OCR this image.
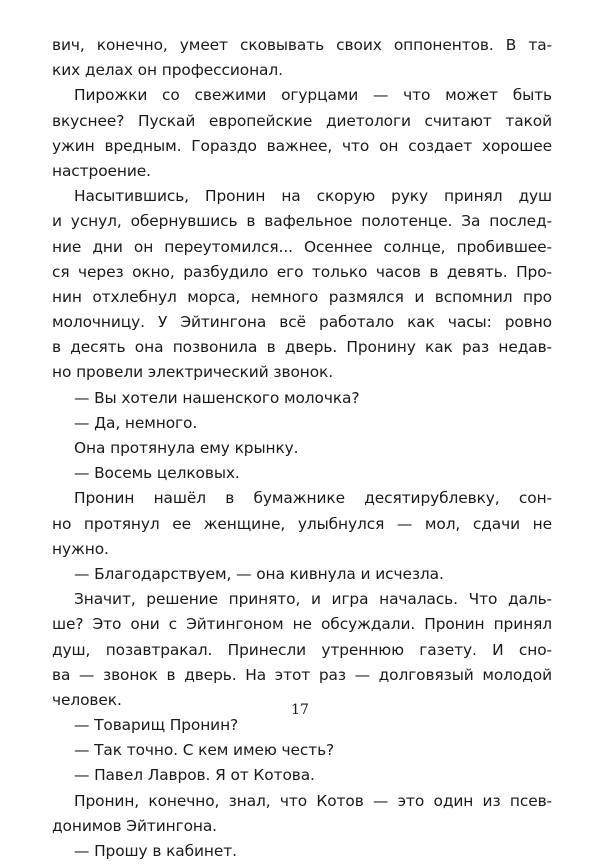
вич, конечно, умеет сковывать своих оппонентов. В та-
ких делах он профессионал.
Пирожки со свежими огурцами — что может быть
вкуснее? Пускай европейские диетологи считают такой
ужин вредным. Гораздо важнее, что он создает хорошее
настроение.
Насытившись, Пронин на скорую руку принял душ
и уснул, обернувшись в вафельное полотенце. За послед-
ние дни он переутомился... Осеннее солнце, пробившее-
ся через окно, разбудило его только часов в девять. Про-
нин отхлебнул морса, немного размялся и вспомнил про
молочницу. У Эйтингона всё работало как часы: ровно
в десять она позвонила в дверь. Пронину как раз недав-
но провели электрический звонок.
— Вы хотели нашенского молочка?
— Да, немного.
Она протянула ему крынку.
— Восемь целковых.
Пронин нашёл в бумажнике десятирублевку, сон-
но протянул ее женщине, улыбнулся — мол, сдачи не
нужно.
— Благодарствуем, — она кивнула и исчезла.
Значит, решение принято, и игра началась. Что даль-
ше? Это они с Эйтингоном не обсуждали. Пронин принял
душ, позавтракал. Принесли утреннюю газету. И сно-
ва — звонок в дверь. На этот раз — долговязый молодой
человек.
— Товарищ Пронин?
— Так точно. С кем имею честь?
— Павел Лавров. Я от Котова.
Пронин, конечно, знал, что Котов — это один из псев-
донимов Эйтингона.
— Прошу в кабинет.
17
